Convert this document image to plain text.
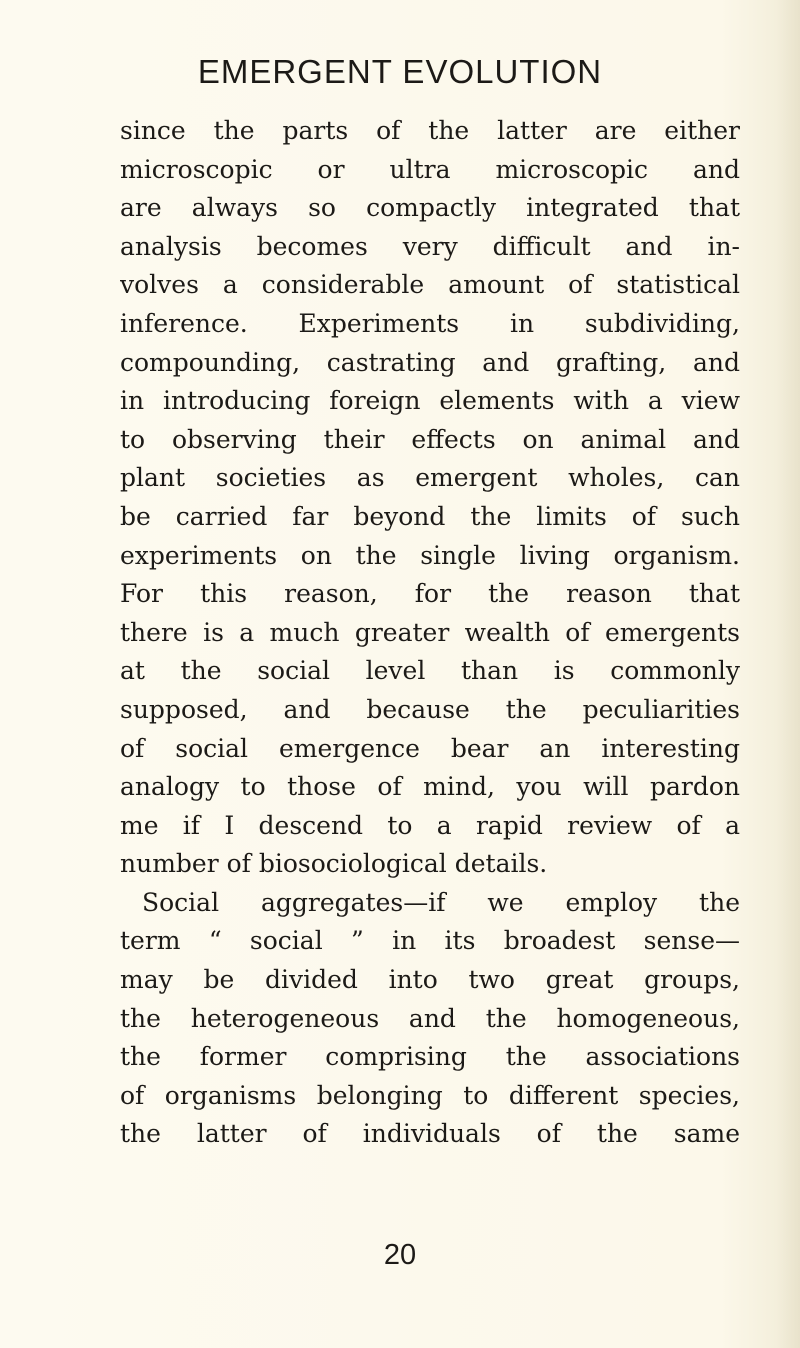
EMERGENT EVOLUTION
since the parts of the latter are either
microscopic or ultra microscopic and
are always so compactly integrated that
analysis becomes very difficult and in-
volves a considerable amount of statistical
inference. Experiments in subdividing,
compounding, castrating and grafting, and
in introducing foreign elements with a view
to observing their effects on animal and
plant societies as emergent wholes, can
be carried far beyond the limits of such
experiments on the single living organism.
For this reason, for the reason that
there is a much greater wealth of emergents
at the social level than is commonly
supposed, and because the peculiarities
of social emergence bear an interesting
analogy to those of mind, you will pardon
me if I descend to a rapid review of a
number of biosociological details.
Social aggregates—if we employ the
term “ social ” in its broadest sense—
may be divided into two great groups,
the heterogeneous and the homogeneous,
the former comprising the associations
of organisms belonging to different species,
the latter of individuals of the same
20
